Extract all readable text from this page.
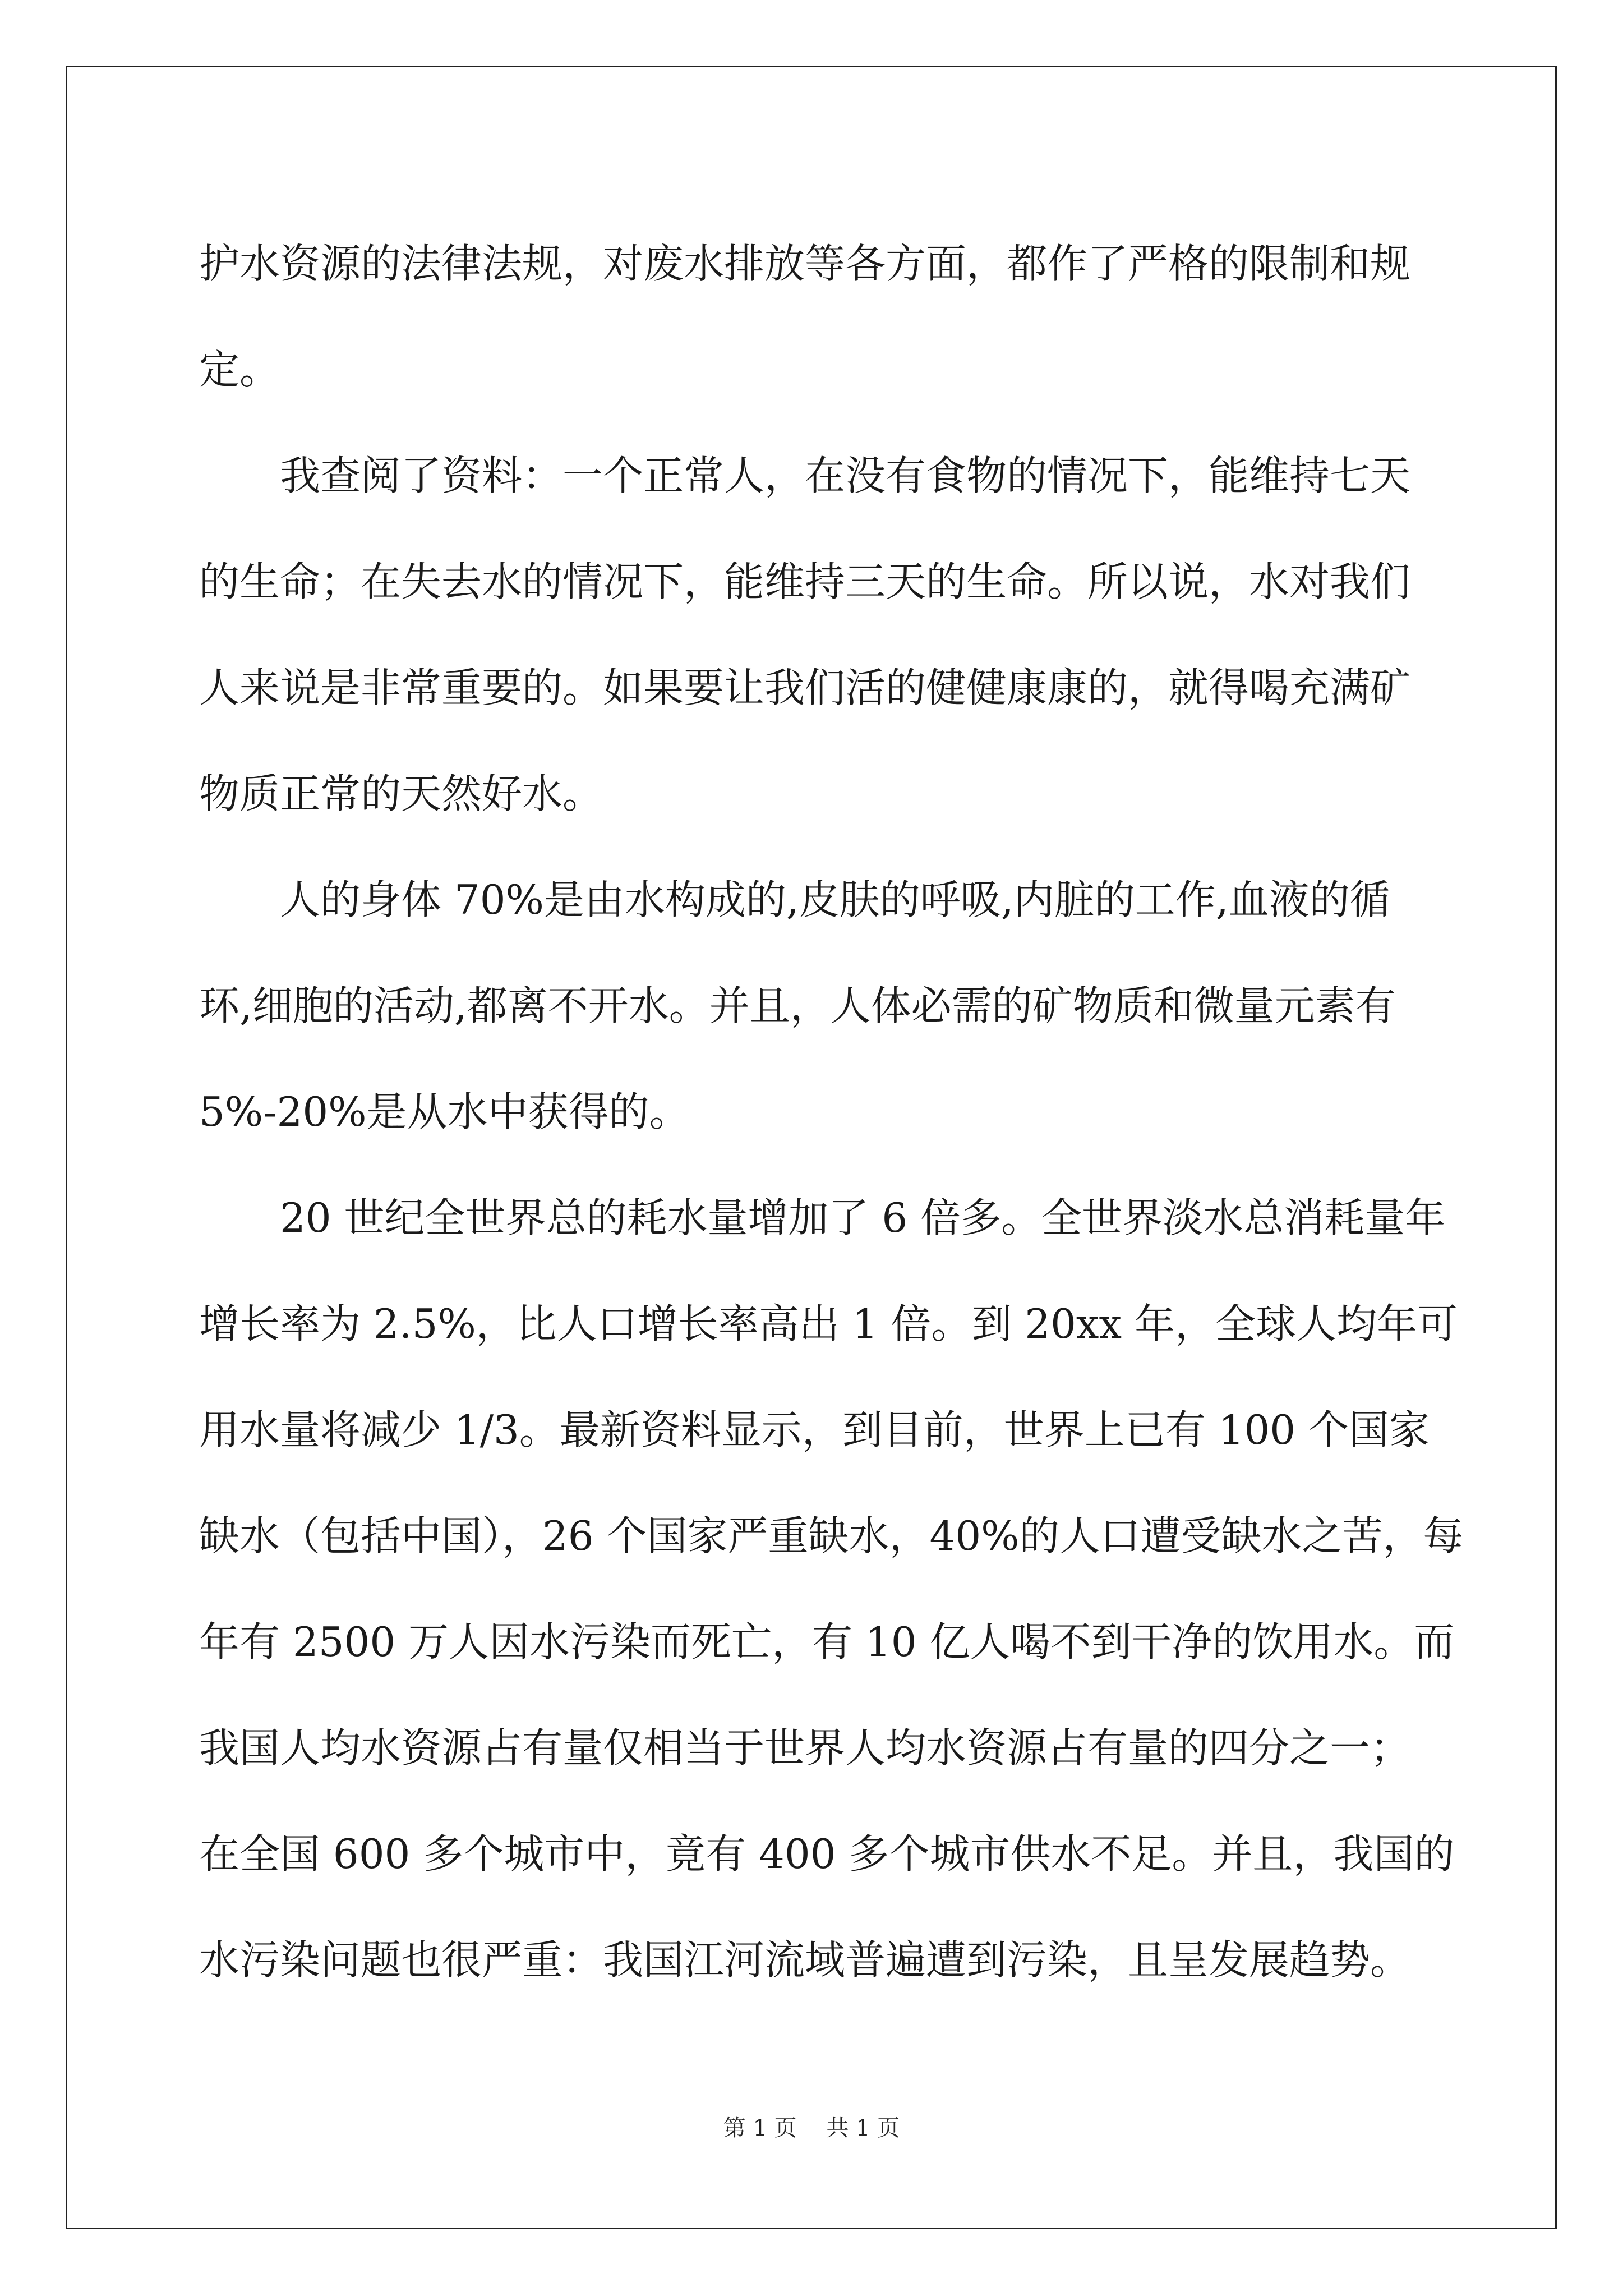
护水资源的法律法规，对废水排放等各方面，都作了严格的限制和规
定。

我查阅了资料：一个正常人，在没有食物的情况下，能维持七天
的生命；在失去水的情况下，能维持三天的生命。所以说，水对我们
人来说是非常重要的。如果要让我们活的健健康康的，就得喝充满矿
物质正常的天然好水。

人的身体 70%是由水构成的,皮肤的呼吸,内脏的工作,血液的循
环,细胞的活动,都离不开水。并且，人体必需的矿物质和微量元素有
5%-20%是从水中获得的。

20 世纪全世界总的耗水量增加了 6 倍多。全世界淡水总消耗量年
增长率为 2.5%，比人口增长率高出 1 倍。到 20xx 年，全球人均年可
用水量将减少 1/3。最新资料显示，到目前，世界上已有 100 个国家
缺水（包括中国），26 个国家严重缺水，40%的人口遭受缺水之苦，每
年有 2500 万人因水污染而死亡，有 10 亿人喝不到干净的饮用水。而
我国人均水资源占有量仅相当于世界人均水资源占有量的四分之一；
在全国 600 多个城市中，竟有 400 多个城市供水不足。并且，我国的
水污染问题也很严重：我国江河流域普遍遭到污染，且呈发展趋势。

第 1 页 共 1 页
